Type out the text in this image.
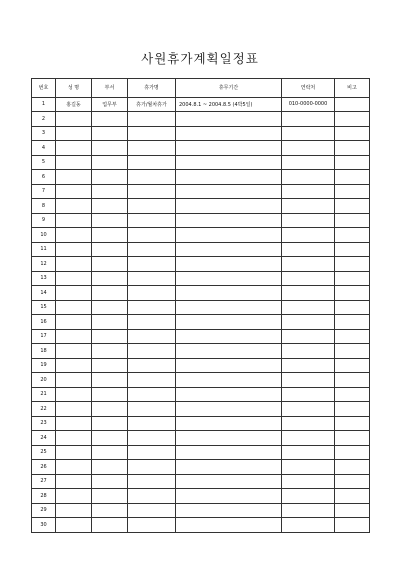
사원휴가계획일정표
번호	성 명	부서	휴가명	휴무기간	연락처	비고
1	홍길동	업무부	휴가/월차휴가	2004.8.1 ~ 2004.8.5 (4박5일)	010-0000-0000	
2						
3						
4						
5						
6						
7						
8						
9						
10						
11						
12						
13						
14						
15						
16						
17						
18						
19						
20						
21						
22						
23						
24						
25						
26						
27						
28						
29						
30						
